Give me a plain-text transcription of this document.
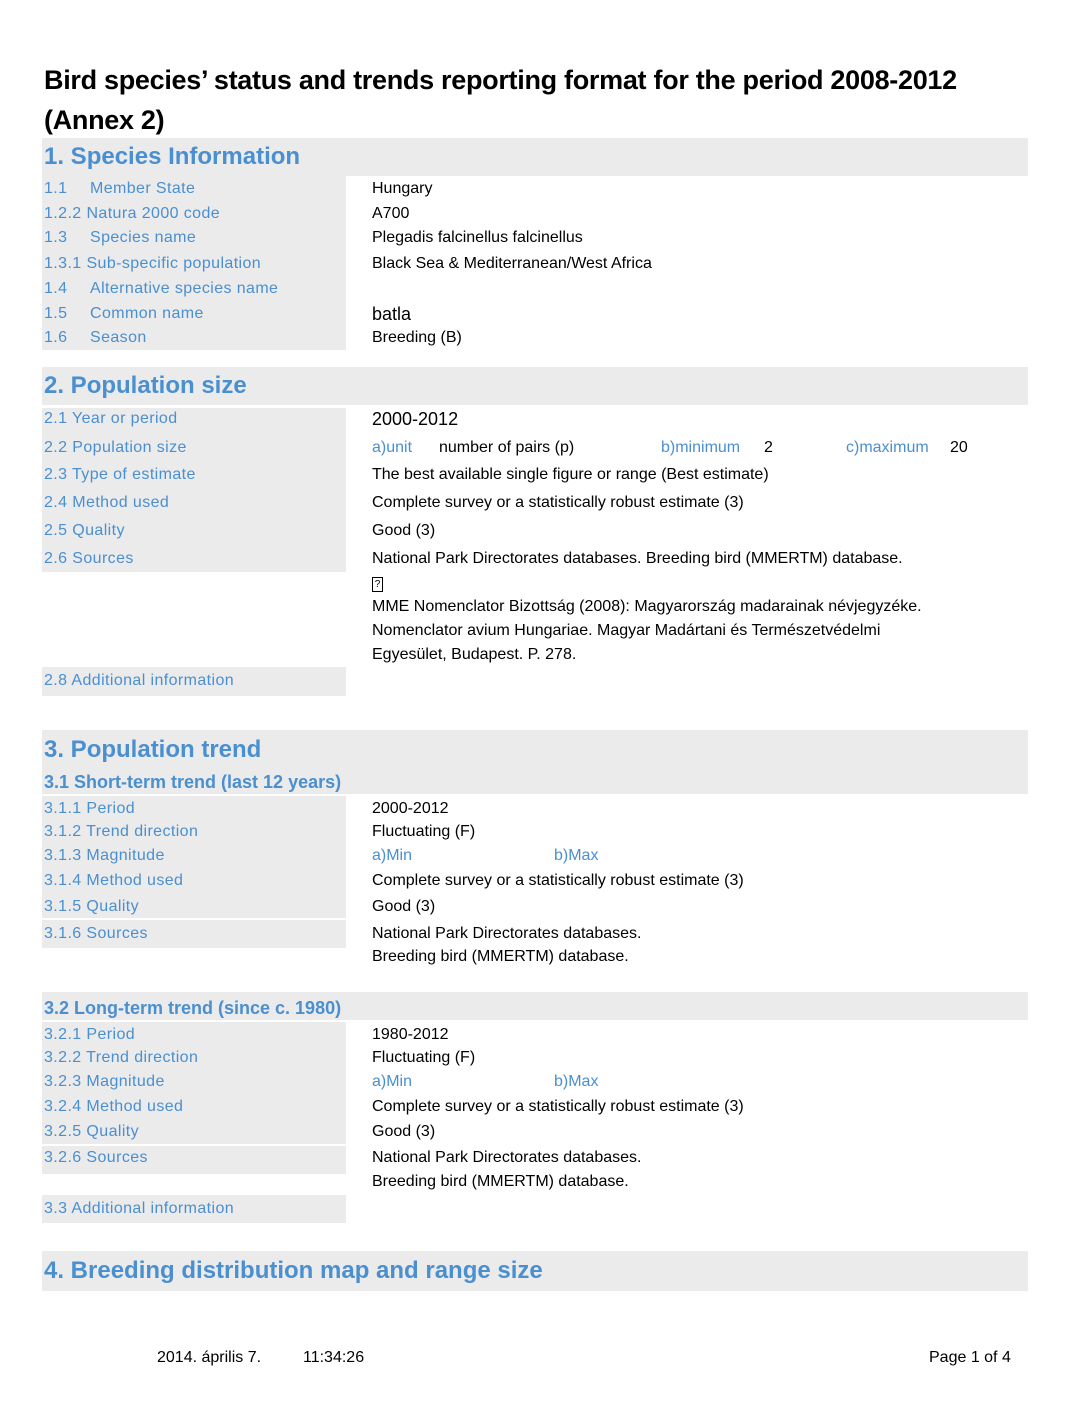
Bird species’ status and trends reporting format for the period 2008-2012 (Annex 2)
1. Species Information
1.1 Member State	Hungary
1.2.2 Natura 2000 code	A700
1.3 Species name	Plegadis falcinellus falcinellus
1.3.1 Sub-specific population	Black Sea & Mediterranean/West Africa
1.4 Alternative species name
1.5 Common name	batla
1.6 Season	Breeding (B)
2. Population size
2.1 Year or period	2000-2012
2.2 Population size	a)unit number of pairs (p)	b)minimum 2	c)maximum 20
2.3 Type of estimate	The best available single figure or range (Best estimate)
2.4 Method used	Complete survey or a statistically robust estimate (3)
2.5 Quality	Good (3)
2.6 Sources	National Park Directorates databases. Breeding bird (MMERTM) database.
?
MME Nomenclator Bizottság (2008): Magyarország madarainak névjegyzéke.
Nomenclator avium Hungariae. Magyar Madártani és Természetvédelmi
Egyesület, Budapest. P. 278.
2.8 Additional information
3. Population trend
3.1 Short-term trend (last 12 years)
3.1.1 Period	2000-2012
3.1.2 Trend direction	Fluctuating (F)
3.1.3 Magnitude	a)Min	b)Max
3.1.4 Method used	Complete survey or a statistically robust estimate (3)
3.1.5 Quality	Good (3)
3.1.6 Sources	National Park Directorates databases.
Breeding bird (MMERTM) database.
3.2 Long-term trend (since c. 1980)
3.2.1 Period	1980-2012
3.2.2 Trend direction	Fluctuating (F)
3.2.3 Magnitude	a)Min	b)Max
3.2.4 Method used	Complete survey or a statistically robust estimate (3)
3.2.5 Quality	Good (3)
3.2.6 Sources	National Park Directorates databases.
Breeding bird (MMERTM) database.
3.3 Additional information
4. Breeding distribution map and range size
2014. április 7.	11:34:26	Page 1 of 4
